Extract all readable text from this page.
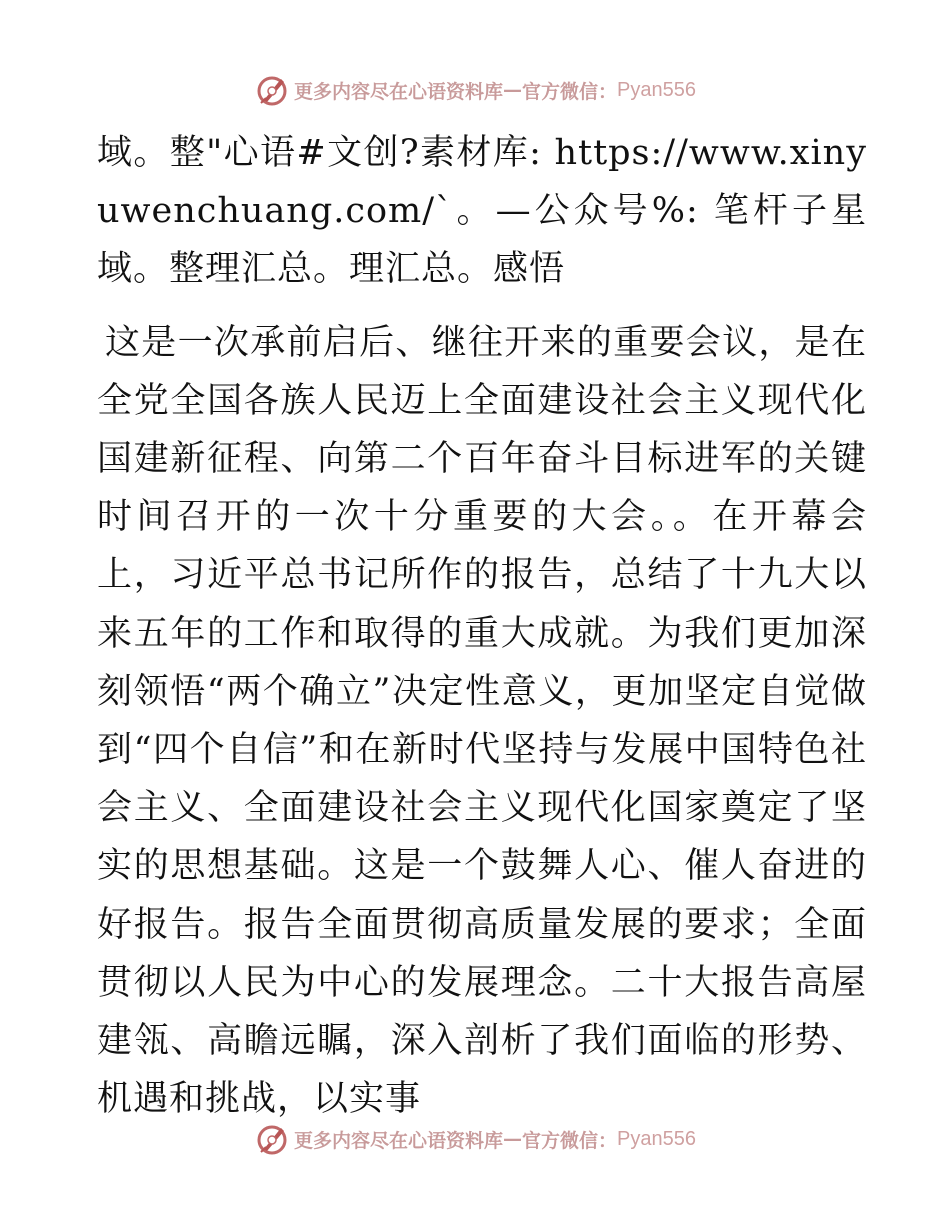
更多内容尽在心语资料库 — 官方微信： Pyan556

域。整"心语#文创?素材库: https://www.xinyuwenchuang.com/`。—公众号%: 笔杆子星域。整理汇总。理汇总。感悟

这是一次承前启后、继往开来的重要会议，是在全党全国各族人民迈上全面建设社会主义现代化国建新征程、向第二个百年奋斗目标进军的关键时间召开的一次十分重要的大会。。在开幕会上，习近平总书记所作的报告，总结了十九大以来五年的工作和取得的重大成就。为我们更加深刻领悟“两个确立”决定性意义，更加坚定自觉做到“四个自信”和在新时代坚持与发展中国特色社会主义、全面建设社会主义现代化国家奠定了坚实的思想基础。这是一个鼓舞人心、催人奋进的好报告。报告全面贯彻高质量发展的要求；全面贯彻以人民为中心的发展理念。二十大报告高屋建瓴、高瞻远瞩，深入剖析了我们面临的形势、机遇和挑战，以实事

更多内容尽在心语资料库 — 官方微信： Pyan556
